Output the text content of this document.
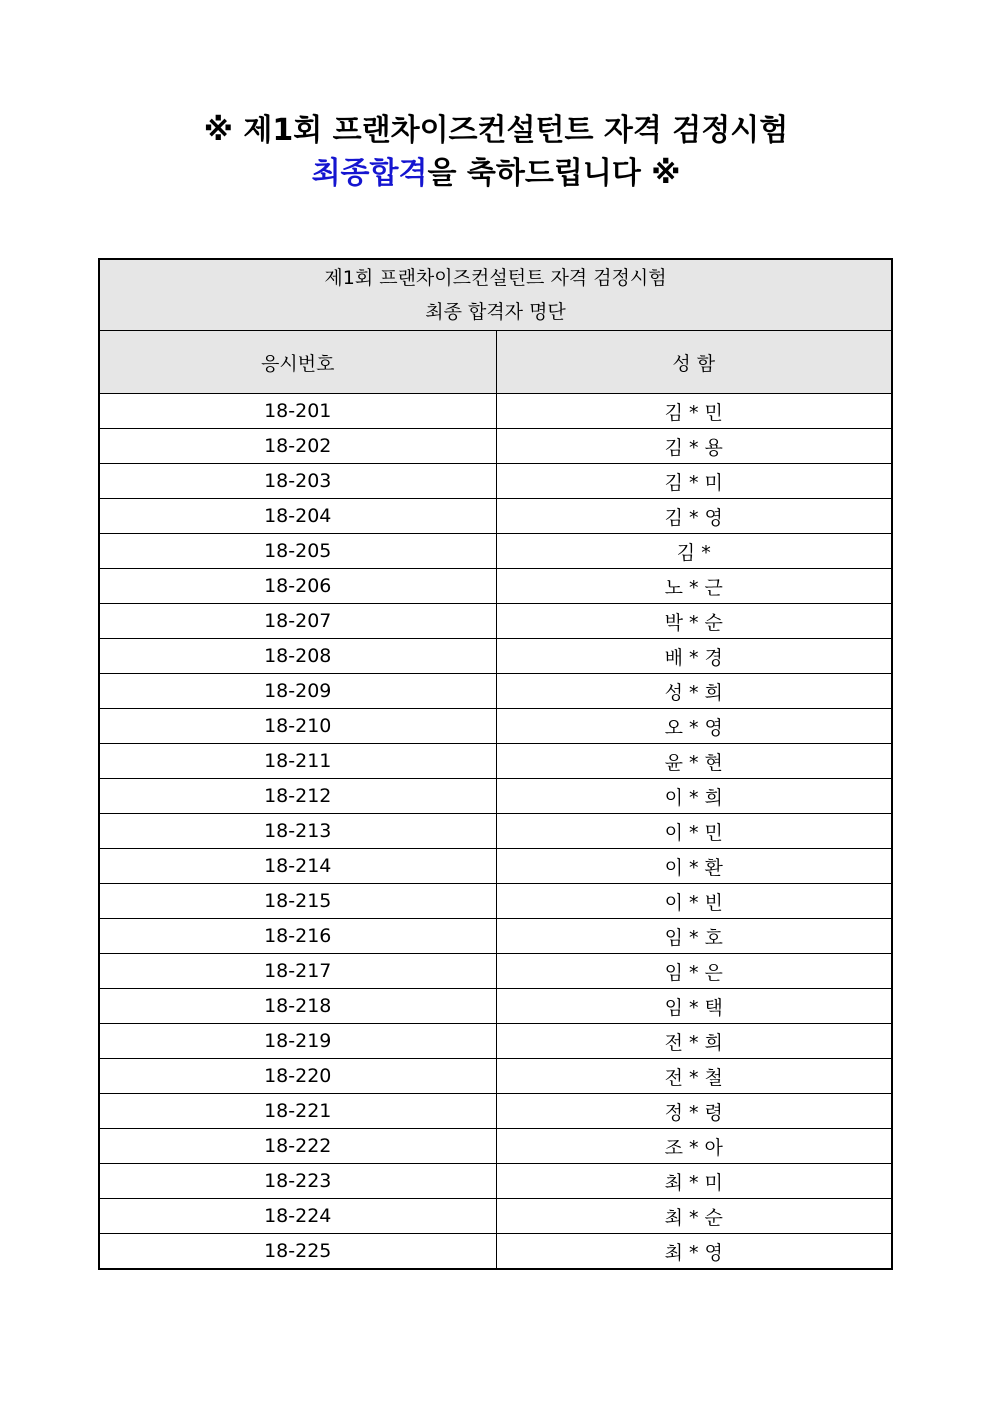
※ 제1회 프랜차이즈컨설턴트 자격 검정시험
최종합격을 축하드립니다 ※
제1회 프랜차이즈컨설턴트 자격 검정시험
최종 합격자 명단	

응시번호	성 함
18-201	김 * 민
18-202	김 * 용
18-203	김 * 미
18-204	김 * 영
18-205	김 *
18-206	노 * 근
18-207	박 * 순
18-208	배 * 경
18-209	성 * 희
18-210	오 * 영
18-211	윤 * 현
18-212	이 * 희
18-213	이 * 민
18-214	이 * 환
18-215	이 * 빈
18-216	임 * 호
18-217	임 * 은
18-218	임 * 택
18-219	전 * 희
18-220	전 * 철
18-221	정 * 령
18-222	조 * 아
18-223	최 * 미
18-224	최 * 순
18-225	최 * 영
